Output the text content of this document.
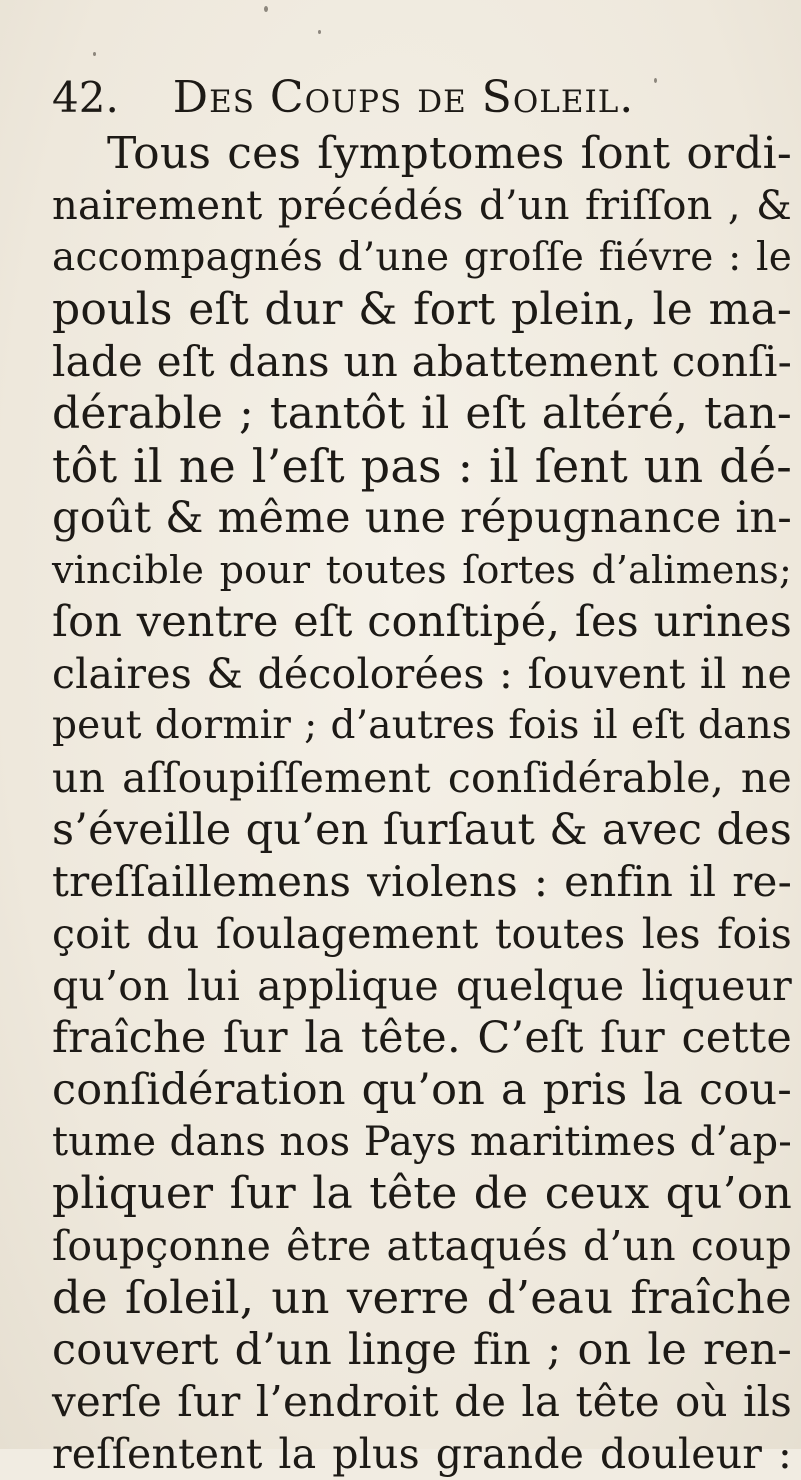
42. Des Coups de Soleil.
Tous ces ſymptomes ſont ordi-
nairement précédés d’un friſſon , &
accompagnés d’une groſſe fiévre : le
pouls eſt dur & fort plein, le ma-
lade eſt dans un abattement conſi-
dérable ; tantôt il eſt altéré, tan-
tôt il ne l’eſt pas : il ſent un dé-
goût & même une répugnance in-
vincible pour toutes ſortes d’alimens;
ſon ventre eſt conſtipé, ſes urines
claires & décolorées : ſouvent il ne
peut dormir ; d’autres fois il eſt dans
un aſſoupiſſement conſidérable, ne
s’éveille qu’en ſurſaut & avec des
treſſaillemens violens : enfin il re-
çoit du ſoulagement toutes les fois
qu’on lui applique quelque liqueur
fraîche ſur la tête. C’eſt ſur cette
conſidération qu’on a pris la cou-
tume dans nos Pays maritimes d’ap-
pliquer ſur la tête de ceux qu’on
ſoupçonne être attaqués d’un coup
de ſoleil, un verre d’eau fraîche
couvert d’un linge fin ; on le ren-
verſe ſur l’endroit de la tête où ils
reſſentent la plus grande douleur :
